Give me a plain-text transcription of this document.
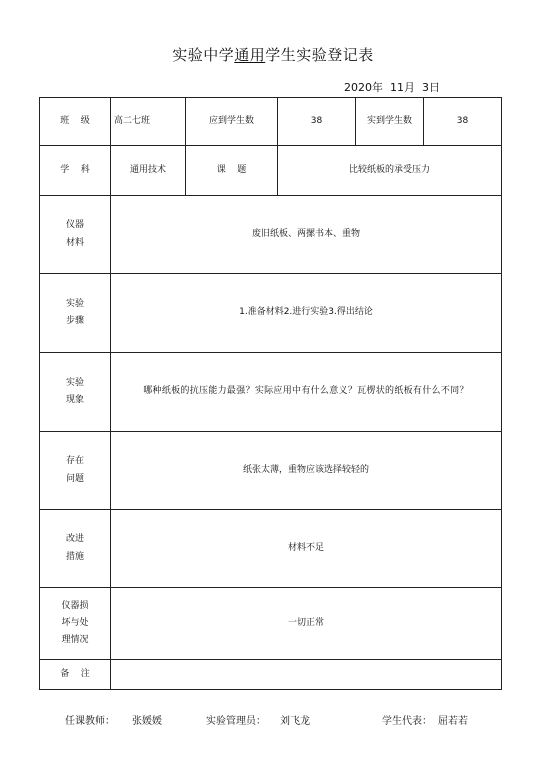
实验中学通用学生实验登记表
2020年  11月  3日
班    级	高二七班	应到学生数	38	实到学生数	38
学    科	通用技术	课    题	比较纸板的承受压力		

仪器
材料	废旧纸板、两摞书本、重物				

实验
步骤	1.准备材料2.进行实验3.得出结论				

实验
现象	哪种纸板的抗压能力最强？实际应用中有什么意义？瓦楞状的纸板有什么不同？				

存在
问题	纸张太薄，重物应该选择较轻的				

改进
措施	材料不足				

仪器损
坏与处
理情况	一切正常				
备    注					
任课教师： 张媛媛	实验管理员： 刘飞龙	学生代表： 屈若若
